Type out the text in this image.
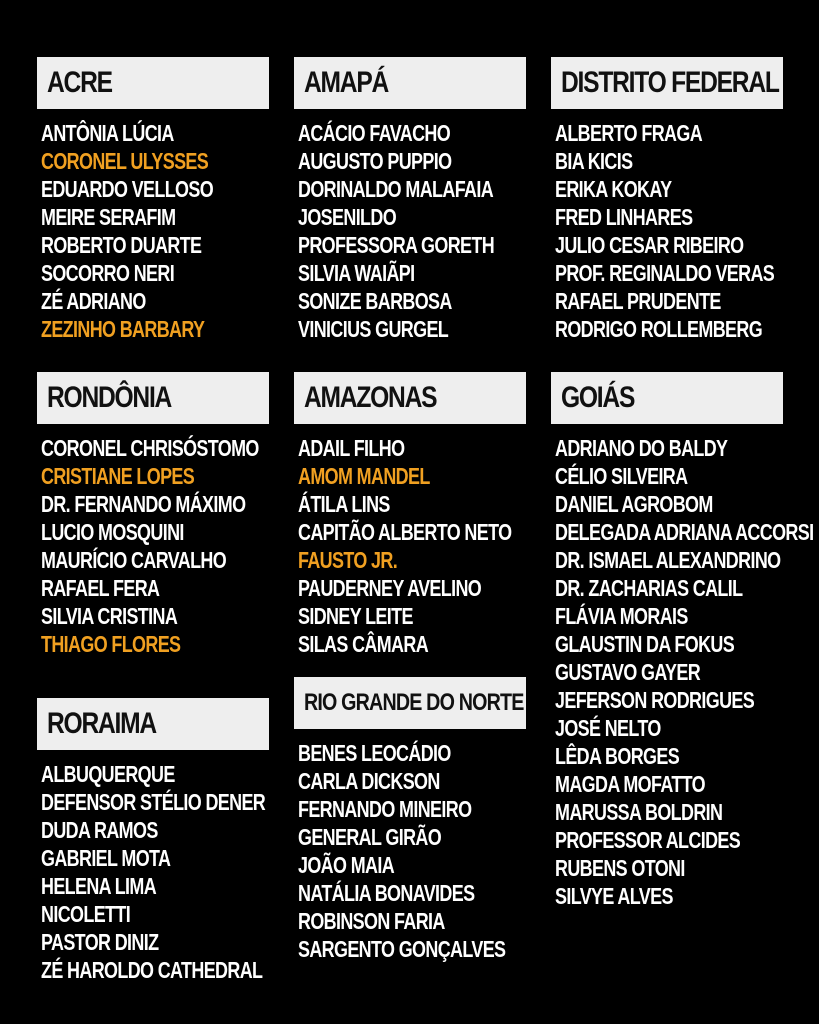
ACRE
ANTÔNIA LÚCIA
CORONEL ULYSSES
EDUARDO VELLOSO
MEIRE SERAFIM
ROBERTO DUARTE
SOCORRO NERI
ZÉ ADRIANO
ZEZINHO BARBARY
AMAPÁ
ACÁCIO FAVACHO
AUGUSTO PUPPIO
DORINALDO MALAFAIA
JOSENILDO
PROFESSORA GORETH
SILVIA WAIÃPI
SONIZE BARBOSA
VINICIUS GURGEL
DISTRITO FEDERAL
ALBERTO FRAGA
BIA KICIS
ERIKA KOKAY
FRED LINHARES
JULIO CESAR RIBEIRO
PROF. REGINALDO VERAS
RAFAEL PRUDENTE
RODRIGO ROLLEMBERG
RONDÔNIA
CORONEL CHRISÓSTOMO
CRISTIANE LOPES
DR. FERNANDO MÁXIMO
LUCIO MOSQUINI
MAURÍCIO CARVALHO
RAFAEL FERA
SILVIA CRISTINA
THIAGO FLORES
AMAZONAS
ADAIL FILHO
AMOM MANDEL
ÁTILA LINS
CAPITÃO ALBERTO NETO
FAUSTO JR.
PAUDERNEY AVELINO
SIDNEY LEITE
SILAS CÂMARA
GOIÁS
ADRIANO DO BALDY
CÉLIO SILVEIRA
DANIEL AGROBOM
DELEGADA ADRIANA ACCORSI
DR. ISMAEL ALEXANDRINO
DR. ZACHARIAS CALIL
FLÁVIA MORAIS
GLAUSTIN DA FOKUS
GUSTAVO GAYER
JEFERSON RODRIGUES
JOSÉ NELTO
LÊDA BORGES
MAGDA MOFATTO
MARUSSA BOLDRIN
PROFESSOR ALCIDES
RUBENS OTONI
SILVYE ALVES
RORAIMA
ALBUQUERQUE
DEFENSOR STÉLIO DENER
DUDA RAMOS
GABRIEL MOTA
HELENA LIMA
NICOLETTI
PASTOR DINIZ
ZÉ HAROLDO CATHEDRAL
RIO GRANDE DO NORTE
BENES LEOCÁDIO
CARLA DICKSON
FERNANDO MINEIRO
GENERAL GIRÃO
JOÃO MAIA
NATÁLIA BONAVIDES
ROBINSON FARIA
SARGENTO GONÇALVES
